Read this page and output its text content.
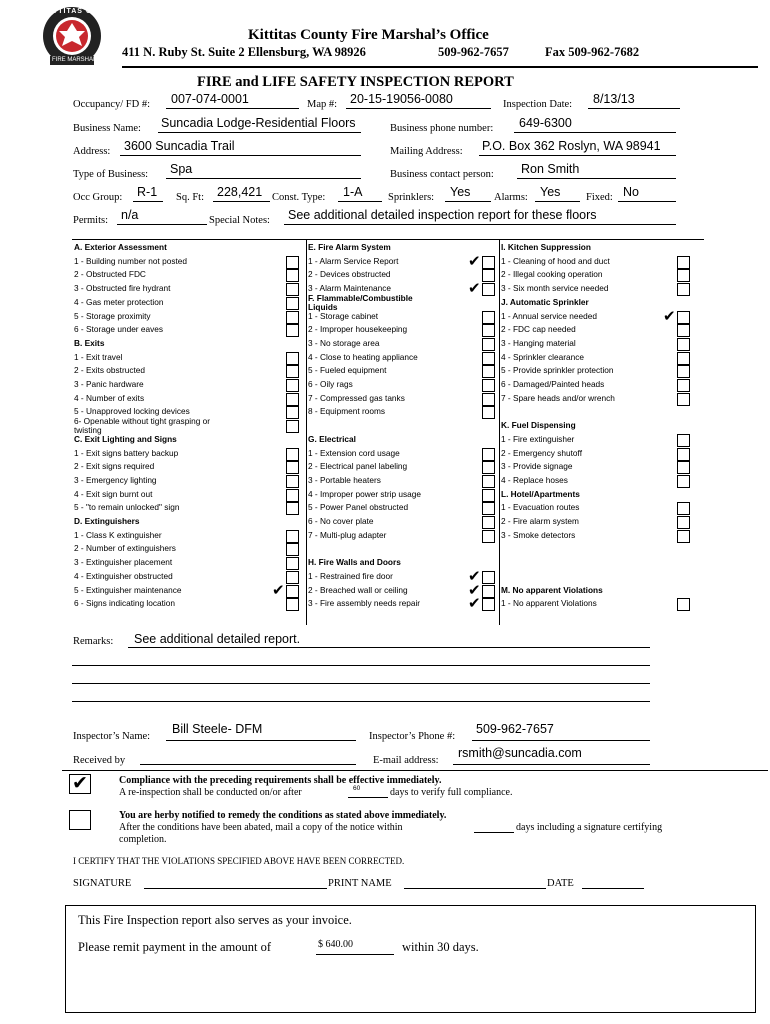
KITTITAS COUNTY
FIRE MARSHAL
Kittitas County Fire Marshal’s Office
411 N. Ruby St. Suite 2 Ellensburg, WA 98926	509-962-7657	Fax 509-962-7682
FIRE and LIFE SAFETY INSPECTION REPORT
Occupancy/ FD #: 007-074-0001	Map #: 20-15-19056-0080	Inspection Date: 8/13/13
Business Name: Suncadia Lodge-Residential Floors	Business phone number: 649-6300
Address: 3600 Suncadia Trail	Mailing Address: P.O. Box 362 Roslyn, WA 98941
Type of Business: Spa	Business contact person: Ron Smith
Occ Group: R-1 Sq. Ft: 228,421 Const. Type: 1-A Sprinklers: Yes Alarms: Yes Fixed: No
Permits: n/a	Special Notes: See additional detailed inspection report for these floors
A. Exterior Assessment
1 - Building number not posted
2 - Obstructed FDC
3 - Obstructed fire hydrant
4 - Gas meter protection
5 - Storage proximity
6 - Storage under eaves
B. Exits
1 - Exit travel
2 - Exits obstructed
3 - Panic hardware
4 - Number of exits
5 - Unapproved locking devices
6- Openable without tight grasping or
twisting
C. Exit Lighting and Signs
1 - Exit signs battery backup
2 - Exit signs required
3 - Emergency lighting
4 - Exit sign burnt out
5 - "to remain unlocked" sign
D. Extinguishers
1 - Class K extinguisher
2 - Number of extinguishers
3 - Extinguisher placement
4 - Extinguisher obstructed
5 - Extinguisher maintenance	✔
6 - Signs indicating location
E. Fire Alarm System
1 - Alarm Service Report	✔
2 - Devices obstructed
3 - Alarm Maintenance	✔
F. Flammable/Combustible
Liquids
1 - Storage cabinet
2 - Improper housekeeping
3 - No storage area
4 - Close to heating appliance
5 - Fueled equipment
6 - Oily rags
7 - Compressed gas tanks
8 - Equipment rooms
G. Electrical
1 - Extension cord usage
2 - Electrical panel labeling
3 - Portable heaters
4 - Improper power strip usage
5 - Power Panel obstructed
6 - No cover plate
7 - Multi-plug adapter
H. Fire Walls and Doors
1 - Restrained fire door	✔
2 - Breached wall or ceiling	✔
3 - Fire assembly needs repair	✔
I. Kitchen Suppression
1 - Cleaning of hood and duct
2 - Illegal cooking operation
3 - Six month service needed
J. Automatic Sprinkler
1 - Annual service needed	✔
2 - FDC cap needed
3 - Hanging material
4 - Sprinkler clearance
5 - Provide sprinkler protection
6 - Damaged/Painted heads
7 - Spare heads and/or wrench
K. Fuel Dispensing
1 - Fire extinguisher
2 - Emergency shutoff
3 - Provide signage
4 - Replace hoses
L. Hotel/Apartments
1 - Evacuation routes
2 - Fire alarm system
3 - Smoke detectors
M. No apparent Violations
1 - No apparent Violations
Remarks: See additional detailed report.
Inspector’s Name:
Bill Steele- DFM
Inspector’s Phone #:
509-962-7657
Received by	E-mail address:
rsmith@suncadia.com
✔	Compliance with the preceding requirements shall be effective immediately.
A re-inspection shall be conducted on/or after	60	days to verify full compliance.
You are herby notified to remedy the conditions as stated above immediately.
After the conditions have been abated, mail a copy of the notice within	days including a signature certifying
completion.
I CERTIFY THAT THE VIOLATIONS SPECIFIED ABOVE HAVE BEEN CORRECTED.
SIGNATURE	PRINT NAME	DATE
This Fire Inspection report also serves as your invoice.
Please remit payment in the amount of	$ 640.00	within 30 days.
